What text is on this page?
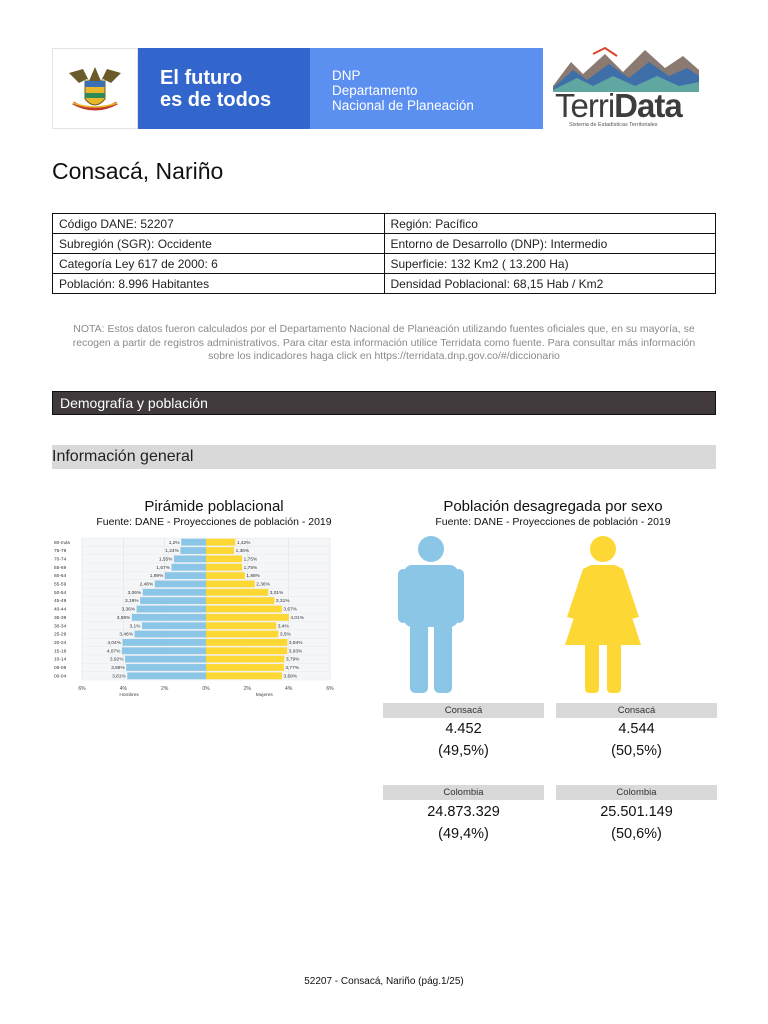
El futuro
es de todos
DNP
Departamento
Nacional de Planeación	TerriData
Sistema de Estadísticas Territoriales
Consacá, Nariño
Código DANE: 52207	Región: Pacífico
Subregión (SGR): Occidente	Entorno de Desarrollo (DNP): Intermedio
Categoría Ley 617 de 2000: 6	Superficie: 132 Km2 ( 13.200 Ha)
Población: 8.996 Habitantes	Densidad Poblacional: 68,15 Hab / Km2

NOTA: Estos datos fueron calculados por el Departamento Nacional de Planeación utilizando fuentes oficiales que, en su mayoría, se recogen a partir de registros administrativos. Para citar esta información utilice Terridata como fuente. Para consultar más información sobre los indicadores haga click en https://terridata.dnp.gov.co/#/diccionario

Demografía y población
Información general
Pirámide poblacional
Fuente: DANE - Proyecciones de población - 2019
1,2%	1,42%
80-más
1,24%	1,36%
75-79
1,55%	1,75%
70-74
1,67%	1,75%
65-69
1,99%	1,88%
60-64
2,48%	2,36%
55-59
3,06%	3,01%
50-54
3,19%	3,31%
45-49
3,36%	3,67%
40-44
3,59%	4,01%
35-39
3,1%	3,4%
30-34
3,46%	3,5%
25-29
4,04%	3,94%
20-24
4,07%	3,93%
15-19
3,92%	3,79%
10-14
3,86%	3,77%
05-09
3,81%	3,68%
00-04
6%	4%	2%	0%	2%	4%	6%
Hombres	Mujeres
Población desagregada por sexo
Fuente: DANE - Proyecciones de población - 2019
Consacá	Consacá
4.452	4.544
(49,5%)	(50,5%)
Colombia	Colombia
24.873.329	25.501.149
(49,4%)	(50,6%)
52207 - Consacá, Nariño (pág.1/25)
